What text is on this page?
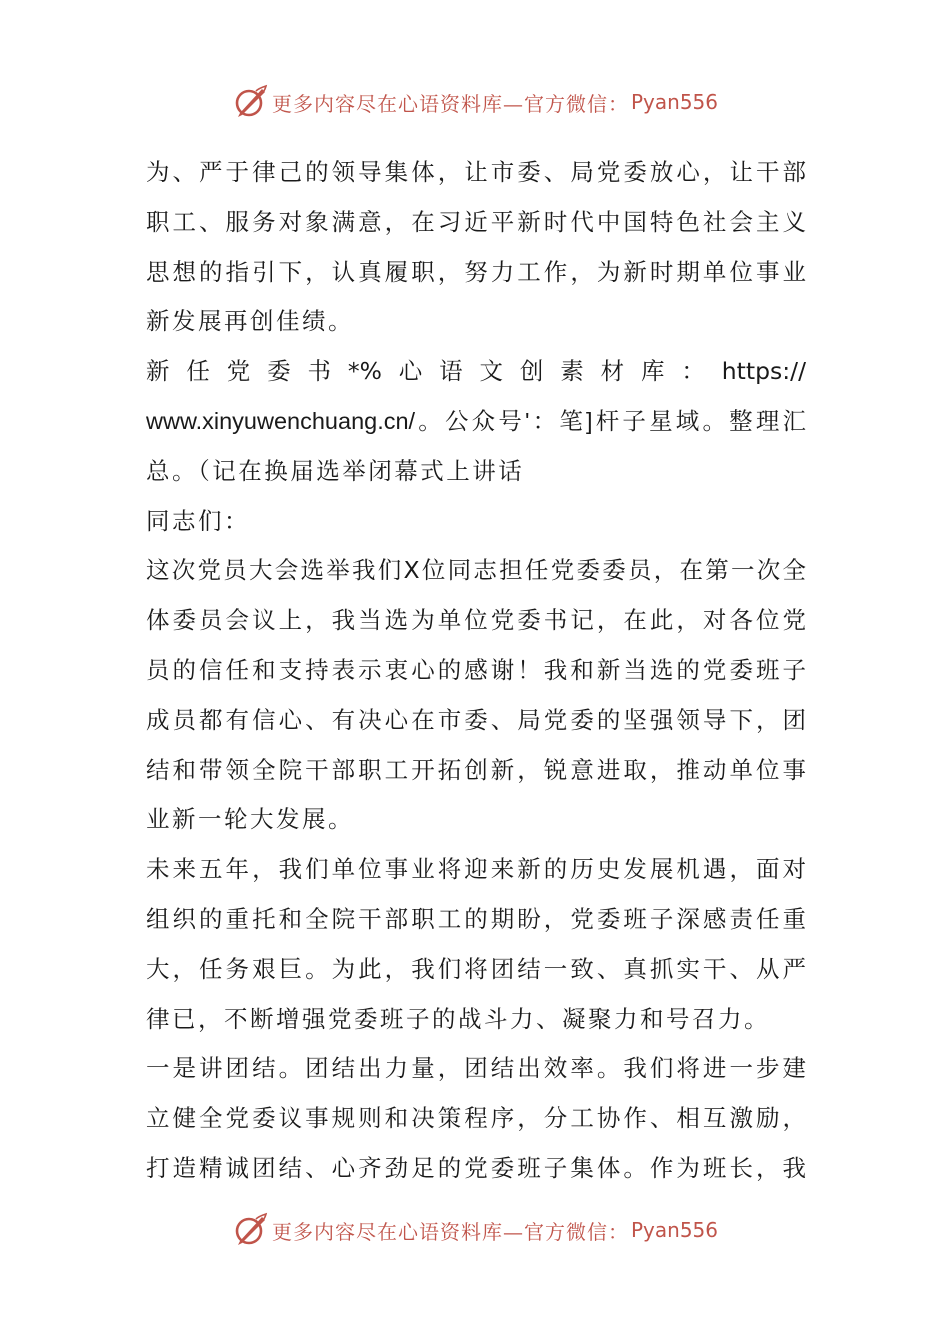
更多内容尽在心语资料库—官方微信： Pyan556
为、严于律己的领导集体，让市委、局党委放心，让干部
职工、服务对象满意，在习近平新时代中国特色社会主义
思想的指引下，认真履职，努力工作，为新时期单位事业
新发展再创佳绩。
新任党委书*%心语文创素材库：https://
www.xinyuwenchuang.cn/。公众号'：笔]杆子星域。整理汇
总。（记在换届选举闭幕式上讲话
同志们：
这次党员大会选举我们X位同志担任党委委员，在第一次全
体委员会议上，我当选为单位党委书记，在此，对各位党
员的信任和支持表示衷心的感谢！我和新当选的党委班子
成员都有信心、有决心在市委、局党委的坚强领导下，团
结和带领全院干部职工开拓创新，锐意进取，推动单位事
业新一轮大发展。
未来五年，我们单位事业将迎来新的历史发展机遇，面对
组织的重托和全院干部职工的期盼，党委班子深感责任重
大，任务艰巨。为此，我们将团结一致、真抓实干、从严
律已，不断增强党委班子的战斗力、凝聚力和号召力。
一是讲团结。团结出力量，团结出效率。我们将进一步建
立健全党委议事规则和决策程序，分工协作、相互激励，
打造精诚团结、心齐劲足的党委班子集体。作为班长，我
更多内容尽在心语资料库—官方微信： Pyan556
